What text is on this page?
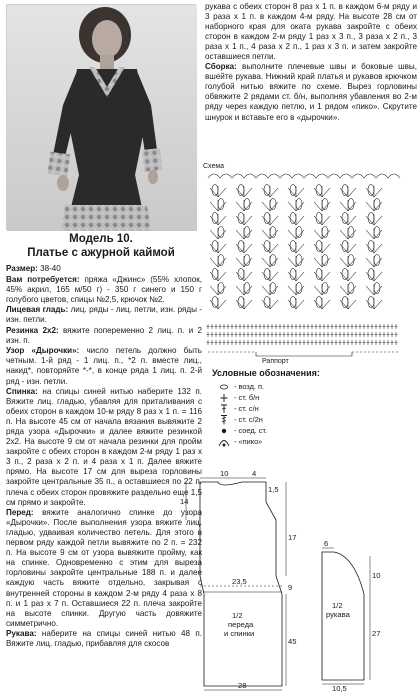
Модель 10.
Платье с ажурной каймой

Размер: 38-40

Вам потребуется: пряжа «Джинс» (55% хлопок, 45% акрил, 165 м/50 г) - 350 г синего и 150 г голубого цветов, спицы №2,5, крючок №2.

Лицевая гладь: лиц. ряды - лиц. петли, изн. ряды - изн. петли.

Резинка 2х2: вяжите попеременно 2 лиц. п. и 2 изн. п.

Узор «Дырочки»: число петель должно быть четным. 1-й ряд - 1 лиц. п., *2 п. вместе лиц., накид*, повторяйте *-*, в конце ряда 1 лиц. п. 2-й ряд - изн. петли.

Спинка: на спицы синей нитью наберите 132 п. Вяжите лиц. гладью, убавляя для приталивания с обеих сторон в каждом 10-м ряду 8 раз х 1 п. = 116 п. На высоте 45 см от начала вязания вывяжите 2 ряда узора «Дырочки» и далее вяжите резинкой 2х2. На высоте 9 см от начала резинки для пройм закройте с обеих сторон в каждом 2-м ряду 1 раз х 3 п., 2 раза х 2 п. и 4 раза х 1 п. Далее вяжите прямо. На высоте 17 см для выреза горловины закройте центральные 35 п., а оставшиеся по 22 п. плеча с обеих сторон провяжите раздельно еще 1,5 см прямо и закройте.

Перед: вяжите аналогично спинке до узора «Дырочки». После выполнения узора вяжите лиц. гладью, удваивая количество петель. Для этого в первом ряду каждой петли вывяжите по 2 п. = 232 п. На высоте 9 см от узора вывяжите пройму, как на спинке. Одновременно с этим для выреза горловины закройте центральные 188 п. и далее каждую часть вяжите отдельно, закрывая с внутренней стороны в каждом 2-м ряду 4 раза х 8 п. и 1 раз х 7 п. Оставшиеся 22 п. плеча закройте на высоте спинки. Другую часть довяжите симметрично.

Рукава: наберите на спицы синей нитью 48 п. Вяжите лиц. гладью, прибавляя для скосов

рукава с обеих сторон 8 раз х 1 п. в каждом 6-м ряду и 3 раза х 1 п. в каждом 4-м ряду. На высоте 28 см от наборного края для оката рукава закройте с обеих сторон в каждом 2-м ряду 1 раз х 3 п., 3 раза х 2 п., 3 раза х 1 п., 4 раза х 2 п., 1 раз х 3 п. и затем закройте оставшиеся петли.

Сборка: выполните плечевые швы и боковые швы, вшейте рукава. Нижний край платья и рукавов крючком голубой нитью вяжите по схеме. Вырез горловины обвяжите 2 рядами ст. б/н, выполняя убавления во 2-м ряду через каждую петлю, и 1 рядом «пико». Скрутите шнурок и вставьте его в «дырочки».

Схема
Раппорт
Условные обозначения:
- возд. п.
- ст. б/н
- ст. с/н
- ст. с/2н
- соед. ст.
- «пико»
10	4
1,5
14
17
23,5
9
1/2
переда
и спинки
45
28
6
1/2
рукава
10
27
10,5
